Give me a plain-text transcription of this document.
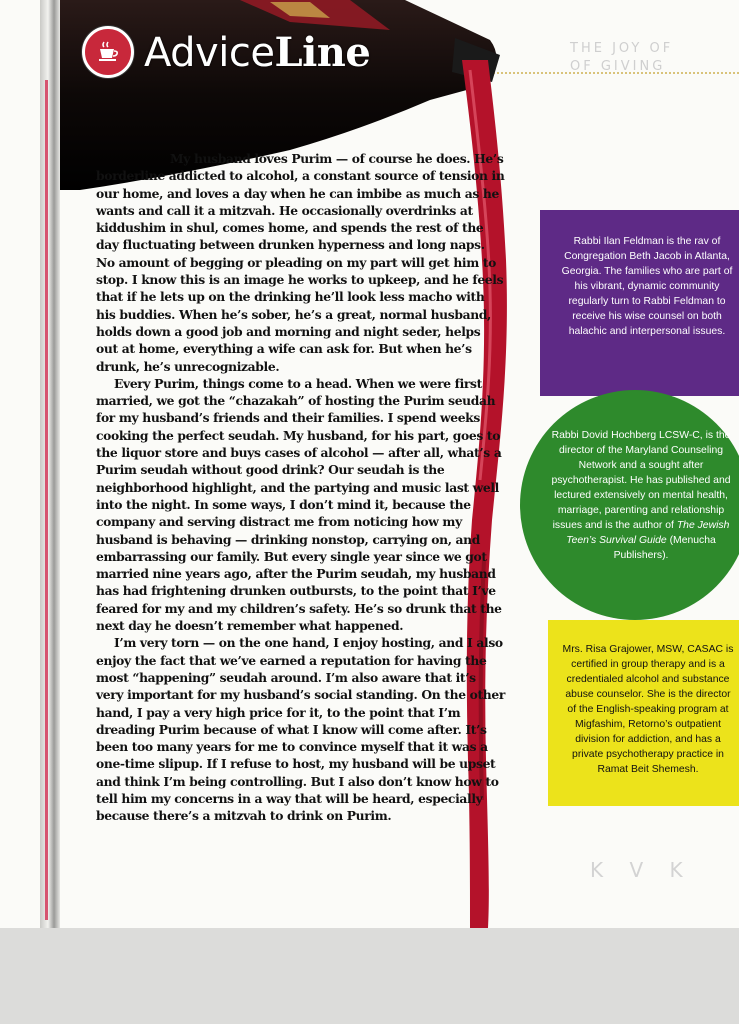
THE JOY OF
OF GIVING
AdviceLine

My husband loves Purim — of course he does. He’s borderline addicted to alcohol, a constant source of tension in our home, and loves a day when he can imbibe as much as he wants and call it a mitzvah. He occasionally overdrinks at kiddushim in shul, comes home, and spends the rest of the day fluctuating between drunken hyperness and long naps. No amount of begging or pleading on my part will get him to stop. I know this is an image he works to upkeep, and he feels that if he lets up on the drinking he’ll look less macho with his buddies. When he’s sober, he’s a great, normal husband, holds down a good job and morning and night seder, helps out at home, everything a wife can ask for. But when he’s drunk, he’s unrecognizable.

Every Purim, things come to a head. When we were first married, we got the “chazakah” of hosting the Purim seudah for my husband’s friends and their families. I spend weeks cooking the perfect seudah. My husband, for his part, goes to the liquor store and buys cases of alcohol — after all, what’s a Purim seudah without good drink? Our seudah is the neighborhood highlight, and the partying and music last well into the night. In some ways, I don’t mind it, because the company and serving distract me from noticing how my husband is behaving — drinking nonstop, carrying on, and embarrassing our family. But every single year since we got married nine years ago, after the Purim seudah, my husband has had frightening drunken outbursts, to the point that I’ve feared for my and my children’s safety. He’s so drunk that the next day he doesn’t remember what happened.

I’m very torn — on the one hand, I enjoy hosting, and I also enjoy the fact that we’ve earned a reputation for having the most “happening” seudah around. I’m also aware that it’s very important for my husband’s social standing. On the other hand, I pay a very high price for it, to the point that I’m dreading Purim because of what I know will come after. It’s been too many years for me to convince myself that it was a one-time slipup. If I refuse to host, my husband will be upset and think I’m being controlling. But I also don’t know how to tell him my concerns in a way that will be heard, especially because there’s a mitzvah to drink on Purim.

Rabbi Ilan Feldman is the rav of Congregation Beth Jacob in Atlanta, Georgia. The families who are part of his vibrant, dynamic community regularly turn to Rabbi Feldman to receive his wise counsel on both halachic and interpersonal issues.

Rabbi Dovid Hochberg LCSW-C, is the director of the Maryland Counseling Network and a sought after psychotherapist. He has published and lectured extensively on mental health, marriage, parenting and relationship issues and is the author of The Jewish Teen’s Survival Guide (Menucha Publishers).

Mrs. Risa Grajower, MSW, CASAC is certified in group therapy and is a credentialed alcohol and substance abuse counselor. She is the director of the English-speaking program at Migfashim, Retorno’s outpatient division for addiction, and has a private psychotherapy practice in Ramat Beit Shemesh.

K V K
